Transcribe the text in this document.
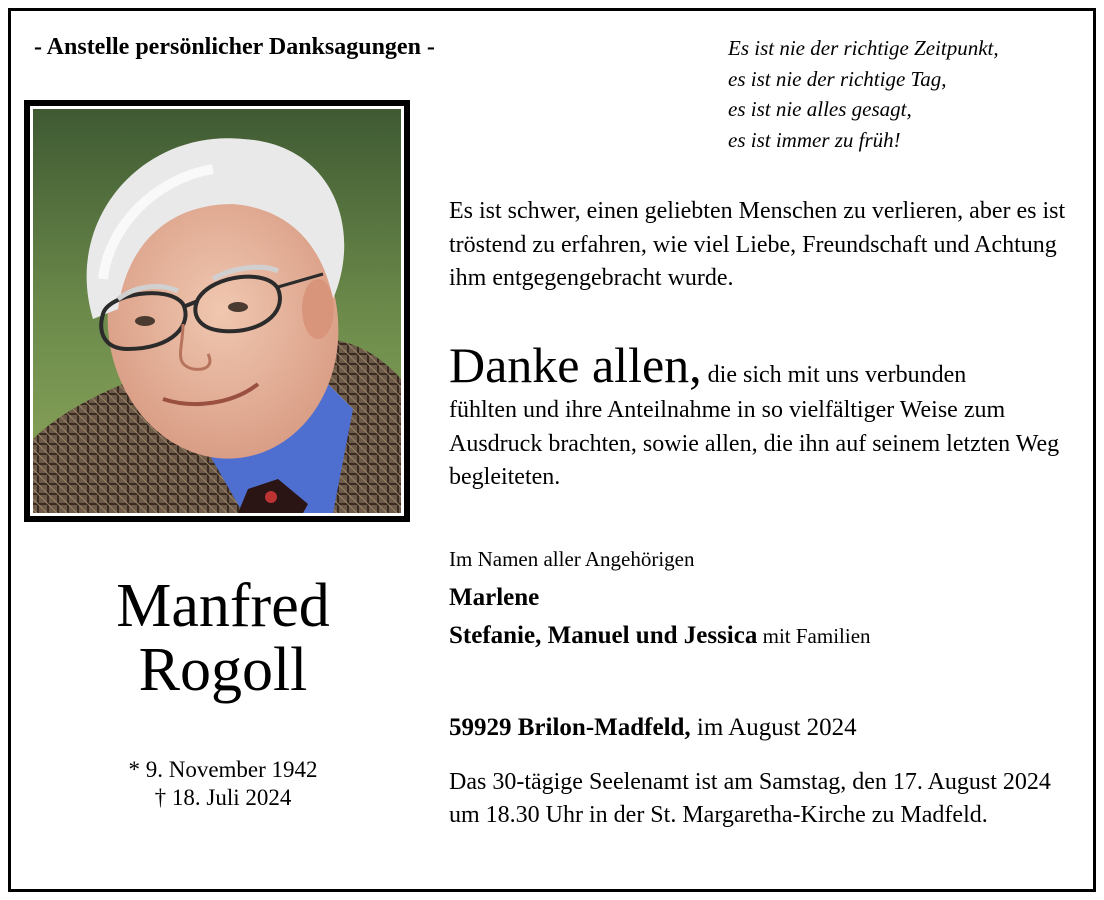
- Anstelle persönlicher Danksagungen -	Es ist nie der richtige Zeitpunkt,
es ist nie der richtige Tag,
es ist nie alles gesagt,
es ist immer zu früh!
Manfred
Rogoll
* 9. November 1942
† 18. Juli 2024
Es ist schwer, einen geliebten Menschen zu verlieren, aber es ist tröstend zu erfahren, wie viel Liebe, Freundschaft und Achtung ihm entgegengebracht wurde.
Danke allen, die sich mit uns verbunden
fühlten und ihre Anteilnahme in so vielfältiger Weise zum Ausdruck brachten, sowie allen, die ihn auf seinem letzten Weg begleiteten.
Im Namen aller Angehörigen
Marlene
Stefanie, Manuel und Jessica mit Familien
59929 Brilon-Madfeld, im August 2024
Das 30-tägige Seelenamt ist am Samstag, den 17. August 2024 um 18.30 Uhr in der St. Margaretha-Kirche zu Madfeld.
